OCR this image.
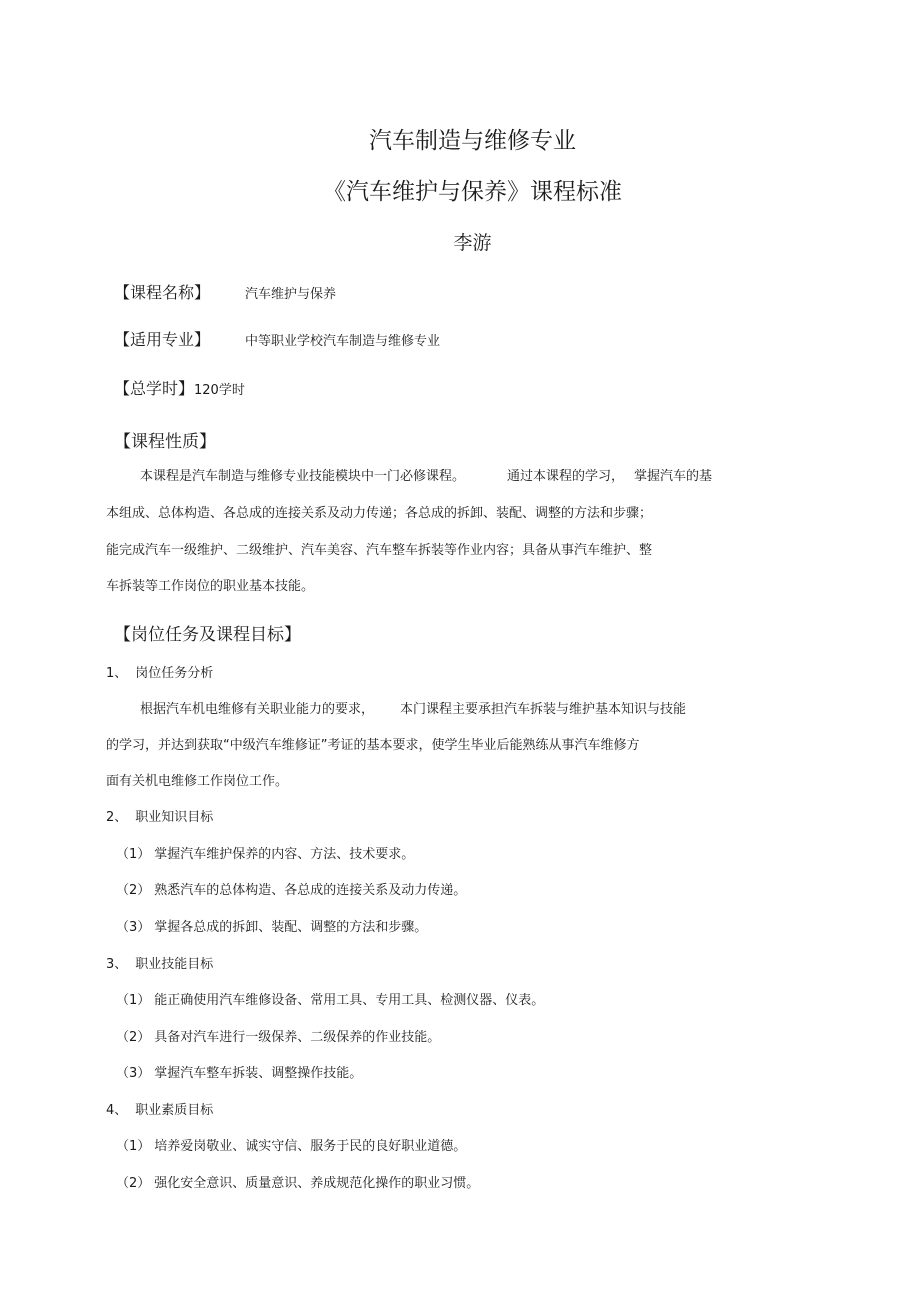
汽车制造与维修专业
《汽车维护与保养》课程标准
李游
【课程名称】	汽车维护与保养
【适用专业】	中等职业学校汽车制造与维修专业
【总学时】120学时
【课程性质】
本课程是汽车制造与维修专业技能模块中一门必修课程。	通过本课程的学习， 掌握汽车的基
本组成、总体构造、各总成的连接关系及动力传递；各总成的拆卸、装配、调整的方法和步骤；
能完成汽车一级维护、二级维护、汽车美容、汽车整车拆装等作业内容；具备从事汽车维护、整
车拆装等工作岗位的职业基本技能。
【岗位任务及课程目标】
1、 岗位任务分析
根据汽车机电维修有关职业能力的要求， 本门课程主要承担汽车拆装与维护基本知识与技能
的学习，并达到获取“中级汽车维修证”考证的基本要求，使学生毕业后能熟练从事汽车维修方
面有关机电维修工作岗位工作。
2、 职业知识目标
（1） 掌握汽车维护保养的内容、方法、技术要求。
（2） 熟悉汽车的总体构造、各总成的连接关系及动力传递。
（3） 掌握各总成的拆卸、装配、调整的方法和步骤。
3、 职业技能目标
（1） 能正确使用汽车维修设备、常用工具、专用工具、检测仪器、仪表。
（2） 具备对汽车进行一级保养、二级保养的作业技能。
（3） 掌握汽车整车拆装、调整操作技能。
4、 职业素质目标
（1） 培养爱岗敬业、诚实守信、服务于民的良好职业道德。
（2） 强化安全意识、质量意识、养成规范化操作的职业习惯。
